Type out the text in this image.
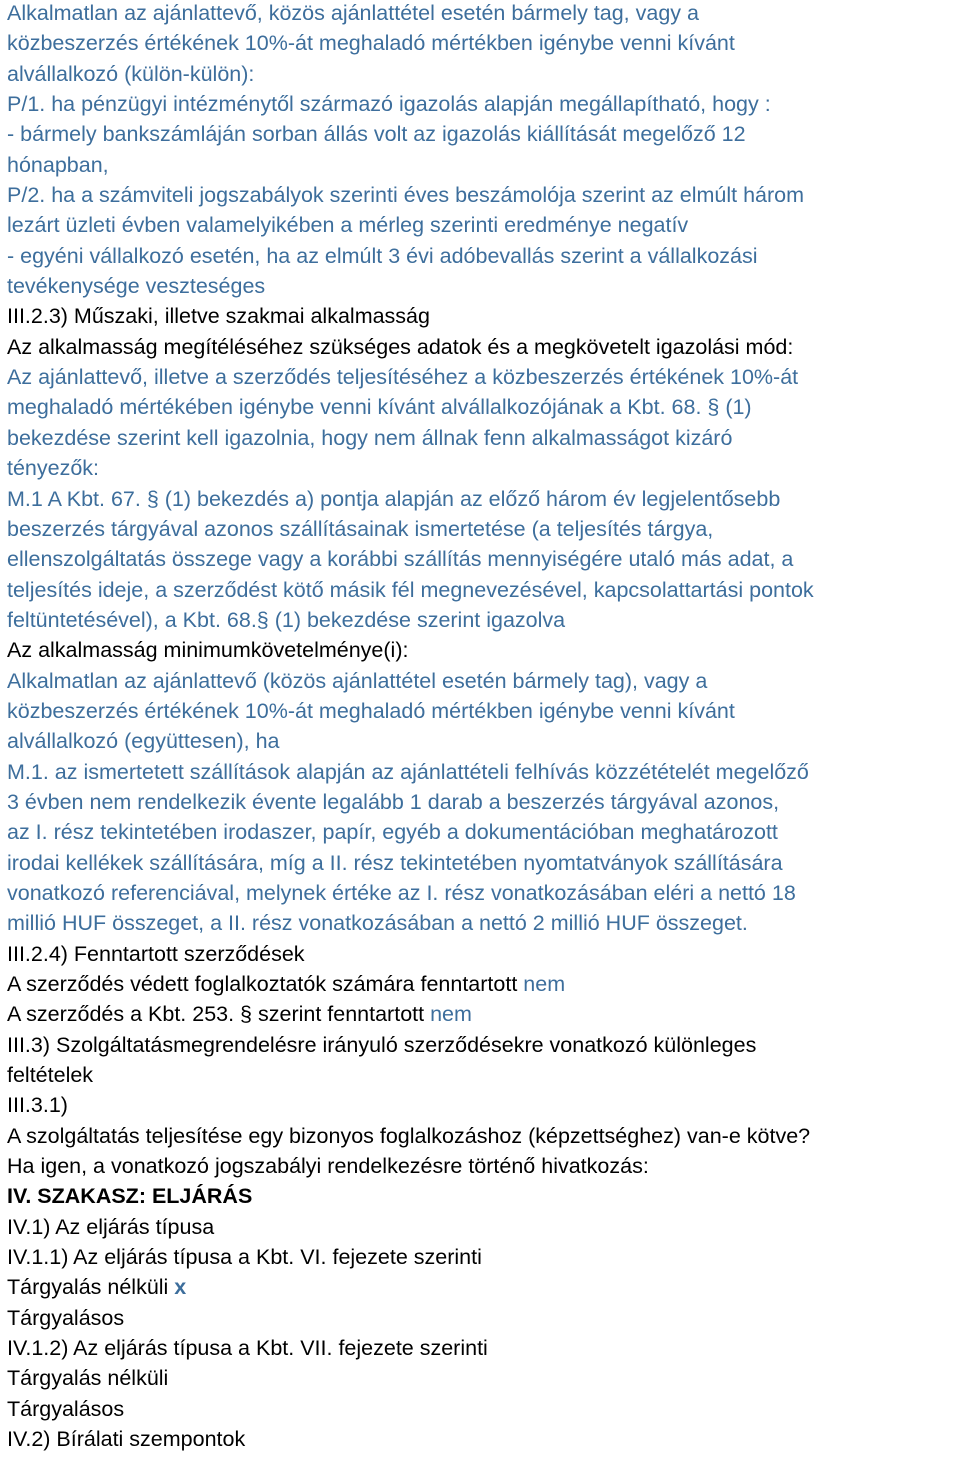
Alkalmatlan az ajánlattevő, közös ajánlattétel esetén bármely tag, vagy a
közbeszerzés értékének 10%-át meghaladó mértékben igénybe venni kívánt
alvállalkozó (külön-külön):
P/1. ha pénzügyi intézménytől származó igazolás alapján megállapítható, hogy :
- bármely bankszámláján sorban állás volt az igazolás kiállítását megelőző 12
hónapban,
P/2. ha a számviteli jogszabályok szerinti éves beszámolója szerint az elmúlt három
lezárt üzleti évben valamelyikében a mérleg szerinti eredménye negatív
- egyéni vállalkozó esetén, ha az elmúlt 3 évi adóbevallás szerint a vállalkozási
tevékenysége veszteséges
III.2.3) Műszaki, illetve szakmai alkalmasság
Az alkalmasság megítéléséhez szükséges adatok és a megkövetelt igazolási mód:
Az ajánlattevő, illetve a szerződés teljesítéséhez a közbeszerzés értékének 10%-át
meghaladó mértékében igénybe venni kívánt alvállalkozójának a Kbt. 68. § (1)
bekezdése szerint kell igazolnia, hogy nem állnak fenn alkalmasságot kizáró
tényezők:
M.1 A Kbt. 67. § (1) bekezdés a) pontja alapján az előző három év legjelentősebb
beszerzés tárgyával azonos szállításainak ismertetése (a teljesítés tárgya,
ellenszolgáltatás összege vagy a korábbi szállítás mennyiségére utaló más adat, a
teljesítés ideje, a szerződést kötő másik fél megnevezésével, kapcsolattartási pontok
feltüntetésével), a Kbt. 68.§ (1) bekezdése szerint igazolva
Az alkalmasság minimumkövetelménye(i):
Alkalmatlan az ajánlattevő (közös ajánlattétel esetén bármely tag), vagy a
közbeszerzés értékének 10%-át meghaladó mértékben igénybe venni kívánt
alvállalkozó (együttesen), ha
M.1. az ismertetett szállítások alapján az ajánlattételi felhívás közzétételét megelőző
3 évben nem rendelkezik évente legalább 1 darab a beszerzés tárgyával azonos,
az I. rész tekintetében irodaszer, papír, egyéb a dokumentációban meghatározott
irodai kellékek szállítására, míg a II. rész tekintetében nyomtatványok szállítására
vonatkozó referenciával, melynek értéke az I. rész vonatkozásában eléri a nettó 18
millió HUF összeget, a II. rész vonatkozásában a nettó 2 millió HUF összeget.
III.2.4) Fenntartott szerződések
A szerződés védett foglalkoztatók számára fenntartott nem
A szerződés a Kbt. 253. § szerint fenntartott nem
III.3) Szolgáltatásmegrendelésre irányuló szerződésekre vonatkozó különleges
feltételek
III.3.1)
A szolgáltatás teljesítése egy bizonyos foglalkozáshoz (képzettséghez) van-e kötve?
Ha igen, a vonatkozó jogszabályi rendelkezésre történő hivatkozás:
IV. SZAKASZ: ELJÁRÁS
IV.1) Az eljárás típusa
IV.1.1) Az eljárás típusa a Kbt. VI. fejezete szerinti
Tárgyalás nélküli x
Tárgyalásos
IV.1.2) Az eljárás típusa a Kbt. VII. fejezete szerinti
Tárgyalás nélküli
Tárgyalásos
IV.2) Bírálati szempontok
